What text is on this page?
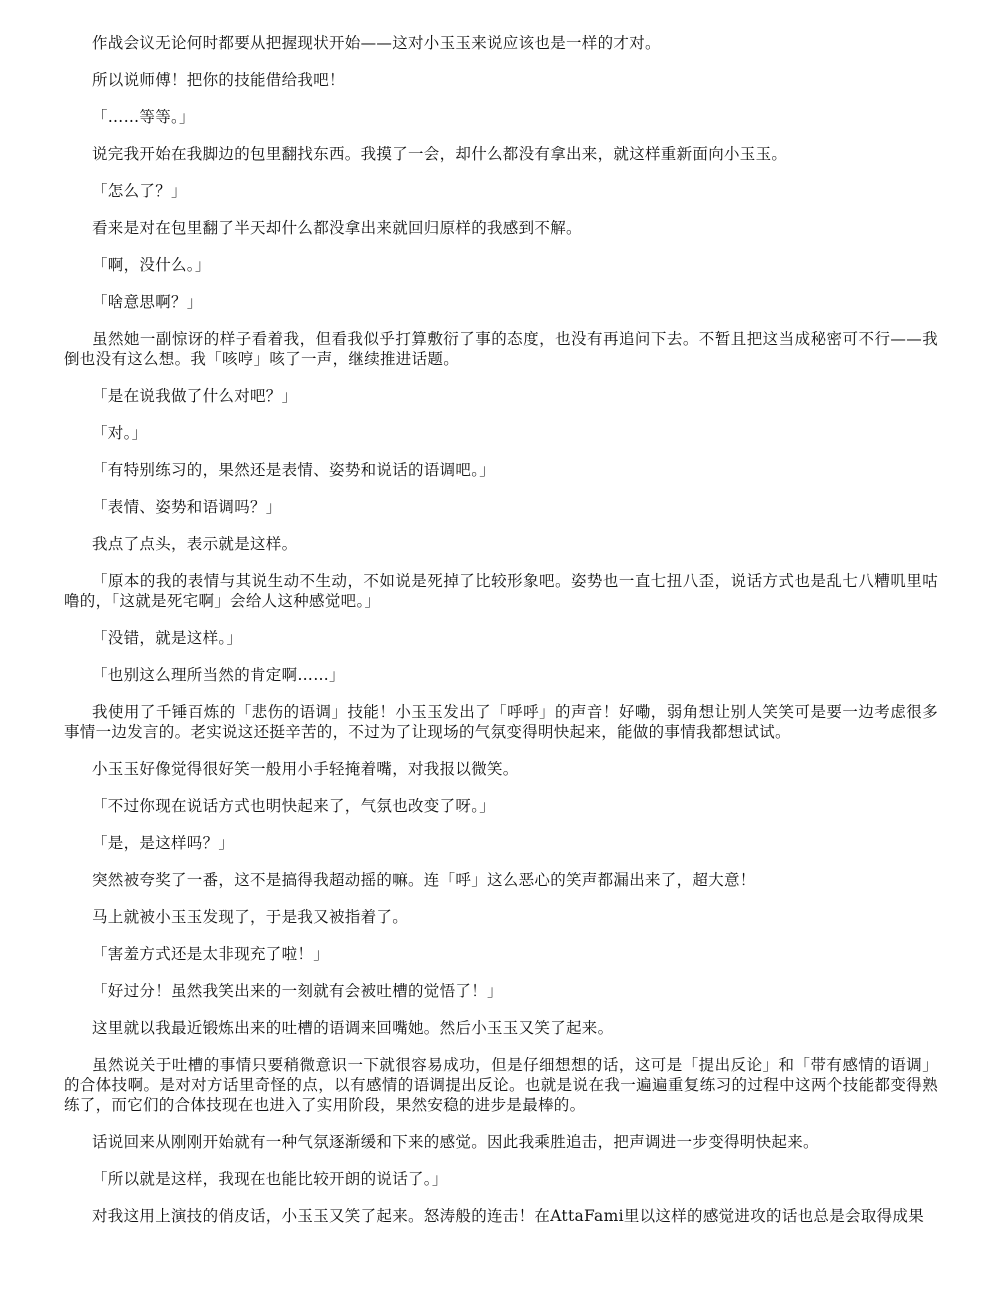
作战会议无论何时都要从把握现状开始——这对小玉玉来说应该也是一样的才对。

所以说师傅！把你的技能借给我吧！

「……等等。」

说完我开始在我脚边的包里翻找东西。我摸了一会，却什么都没有拿出来，就这样重新面向小玉玉。

「怎么了？」

看来是对在包里翻了半天却什么都没拿出来就回归原样的我感到不解。

「啊，没什么。」

「啥意思啊？」

虽然她一副惊讶的样子看着我，但看我似乎打算敷衍了事的态度，也没有再追问下去。不暂且把这当成秘密可不行——我倒也没有这么想。我「咳哼」咳了一声，继续推进话题。

「是在说我做了什么对吧？」

「对。」

「有特别练习的，果然还是表情、姿势和说话的语调吧。」

「表情、姿势和语调吗？」

我点了点头，表示就是这样。

「原本的我的表情与其说生动不生动，不如说是死掉了比较形象吧。姿势也一直七扭八歪，说话方式也是乱七八糟叽里咕噜的，「这就是死宅啊」会给人这种感觉吧。」

「没错，就是这样。」

「也别这么理所当然的肯定啊……」

我使用了千锤百炼的「悲伤的语调」技能！小玉玉发出了「呼呼」的声音！好嘞，弱角想让别人笑笑可是要一边考虑很多事情一边发言的。老实说这还挺辛苦的，不过为了让现场的气氛变得明快起来，能做的事情我都想试试。

小玉玉好像觉得很好笑一般用小手轻掩着嘴，对我报以微笑。

「不过你现在说话方式也明快起来了，气氛也改变了呀。」

「是，是这样吗？」

突然被夸奖了一番，这不是搞得我超动摇的嘛。连「呼」这么恶心的笑声都漏出来了，超大意！

马上就被小玉玉发现了，于是我又被指着了。

「害羞方式还是太非现充了啦！」

「好过分！虽然我笑出来的一刻就有会被吐槽的觉悟了！」

这里就以我最近锻炼出来的吐槽的语调来回嘴她。然后小玉玉又笑了起来。

虽然说关于吐槽的事情只要稍微意识一下就很容易成功，但是仔细想想的话，这可是「提出反论」和「带有感情的语调」的合体技啊。是对对方话里奇怪的点，以有感情的语调提出反论。也就是说在我一遍遍重复练习的过程中这两个技能都变得熟练了，而它们的合体技现在也进入了实用阶段，果然安稳的进步是最棒的。

话说回来从刚刚开始就有一种气氛逐渐缓和下来的感觉。因此我乘胜追击，把声调进一步变得明快起来。

「所以就是这样，我现在也能比较开朗的说话了。」

对我这用上演技的俏皮话，小玉玉又笑了起来。怒涛般的连击！在AttaFami里以这样的感觉进攻的话也总是会取得成果
